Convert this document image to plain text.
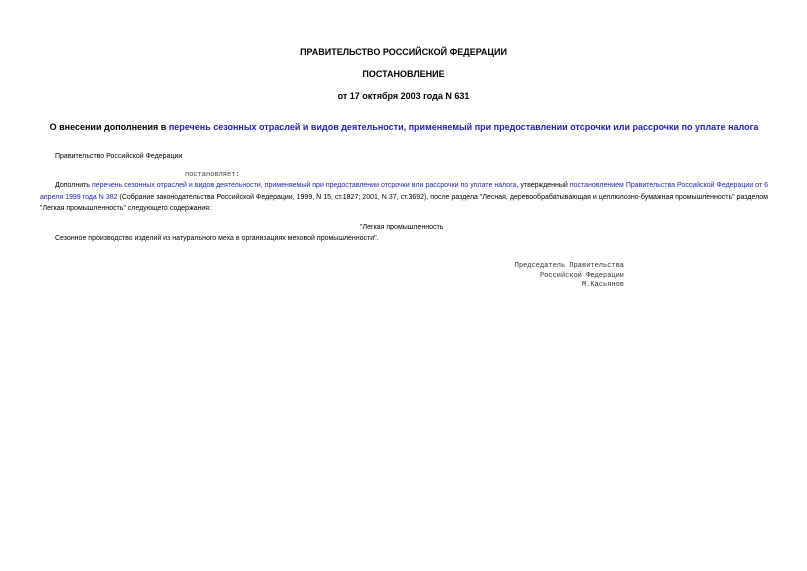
ПРАВИТЕЛЬСТВО РОССИЙСКОЙ ФЕДЕРАЦИИ
ПОСТАНОВЛЕНИЕ
от 17 октября 2003 года N 631
О внесении дополнения в перечень сезонных отраслей и видов деятельности, применяемый при предоставлении отсрочки или рассрочки по уплате налога
Правительство Российской Федерации
постановляет:
Дополнить перечень сезонных отраслей и видов деятельности, применяемый при предоставлении отсрочки или рассрочки по уплате налога, утвержденный постановлением Правительства Российской Федерации от 6 апреля 1999 года N 382 (Собрание законодательства Российской Федерации, 1999, N 15, ст.1827; 2001, N 37, ст.3692), после раздела "Лесная, деревообрабатывающая и целлюлозно-бумажная промышленность" разделом "Легкая промышленность" следующего содержания:
"Легкая промышленность
Сезонное производство изделий из натурального меха в организациях меховой промышленности".
Председатель Правительства
Российской Федерации
М.Касьянов
